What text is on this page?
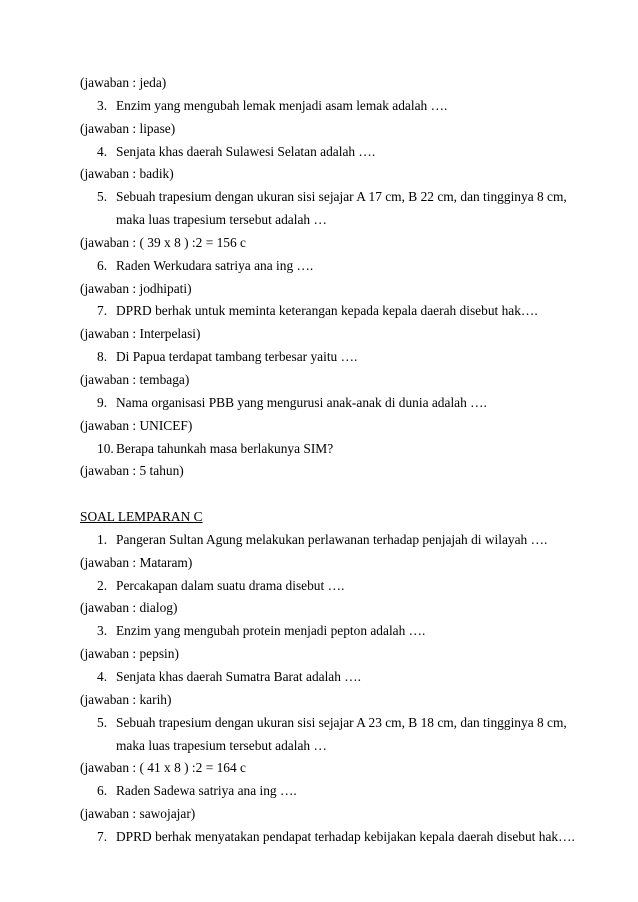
(jawaban : jeda)
3. Enzim yang mengubah lemak menjadi asam lemak adalah ….
(jawaban : lipase)
4. Senjata khas daerah Sulawesi Selatan adalah ….
(jawaban : badik)
5. Sebuah trapesium dengan ukuran sisi sejajar A 17 cm, B 22 cm, dan tingginya 8 cm,
maka luas trapesium tersebut adalah …
(jawaban : ( 39 x 8 ) :2 = 156 c
6. Raden Werkudara satriya ana ing ….
(jawaban : jodhipati)
7. DPRD berhak untuk meminta keterangan kepada kepala daerah disebut hak….
(jawaban : Interpelasi)
8. Di Papua terdapat tambang terbesar yaitu ….
(jawaban : tembaga)
9. Nama organisasi PBB yang mengurusi anak-anak di dunia adalah ….
(jawaban : UNICEF)
10. Berapa tahunkah masa berlakunya SIM?
(jawaban : 5 tahun)
SOAL LEMPARAN C
1. Pangeran Sultan Agung melakukan perlawanan terhadap penjajah di wilayah ….
(jawaban : Mataram)
2. Percakapan dalam suatu drama disebut ….
(jawaban : dialog)
3. Enzim yang mengubah protein menjadi pepton adalah ….
(jawaban : pepsin)
4. Senjata khas daerah Sumatra Barat adalah ….
(jawaban : karih)
5. Sebuah trapesium dengan ukuran sisi sejajar A 23 cm, B 18 cm, dan tingginya 8 cm,
maka luas trapesium tersebut adalah …
(jawaban : ( 41 x 8 ) :2 = 164 c
6. Raden Sadewa satriya ana ing ….
(jawaban : sawojajar)
7. DPRD berhak menyatakan pendapat terhadap kebijakan kepala daerah disebut hak….
